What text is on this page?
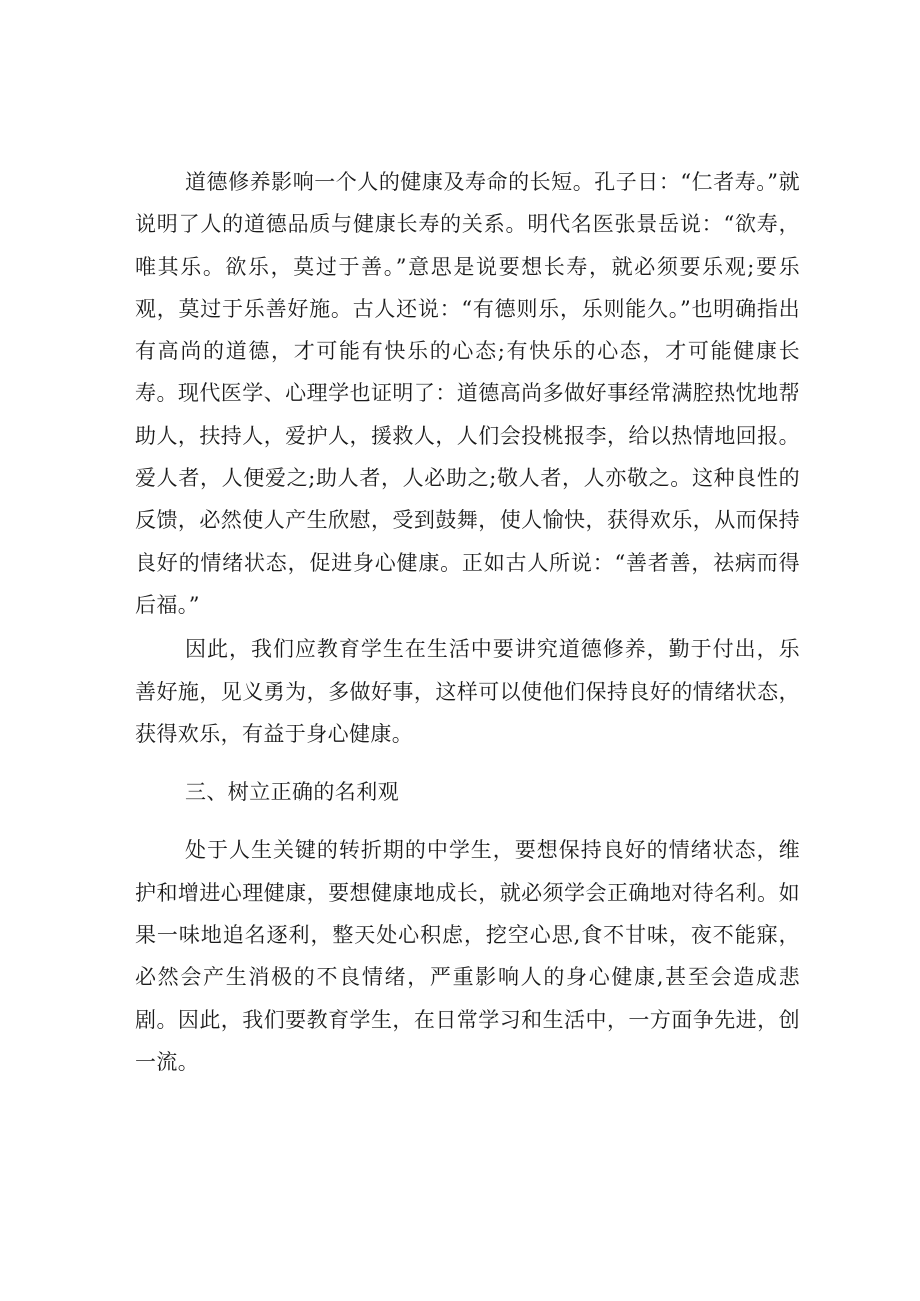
道德修养影响一个人的健康及寿命的长短。孔子日：“仁者寿。”就说明了人的道德品质与健康长寿的关系。明代名医张景岳说：“欲寿，唯其乐。欲乐，莫过于善。”意思是说要想长寿，就必须要乐观;要乐观，莫过于乐善好施。古人还说：“有德则乐，乐则能久。”也明确指出有高尚的道德，才可能有快乐的心态;有快乐的心态，才可能健康长寿。现代医学、心理学也证明了：道德高尚多做好事经常满腔热忱地帮助人，扶持人，爱护人，援救人，人们会投桃报李，给以热情地回报。爱人者，人便爱之;助人者，人必助之;敬人者，人亦敬之。这种良性的反馈，必然使人产生欣慰，受到鼓舞，使人愉快，获得欢乐，从而保持良好的情绪状态，促进身心健康。正如古人所说：“善者善，祛病而得后福。”

因此，我们应教育学生在生活中要讲究道德修养，勤于付出，乐善好施，见义勇为，多做好事，这样可以使他们保持良好的情绪状态，获得欢乐，有益于身心健康。

三、树立正确的名利观

处于人生关键的转折期的中学生，要想保持良好的情绪状态，维护和增进心理健康，要想健康地成长，就必须学会正确地对待名利。如果一味地追名逐利，整天处心积虑，挖空心思,食不甘味，夜不能寐，必然会产生消极的不良情绪，严重影响人的身心健康,甚至会造成悲剧。因此，我们要教育学生，在日常学习和生活中，一方面争先进，创一流。
